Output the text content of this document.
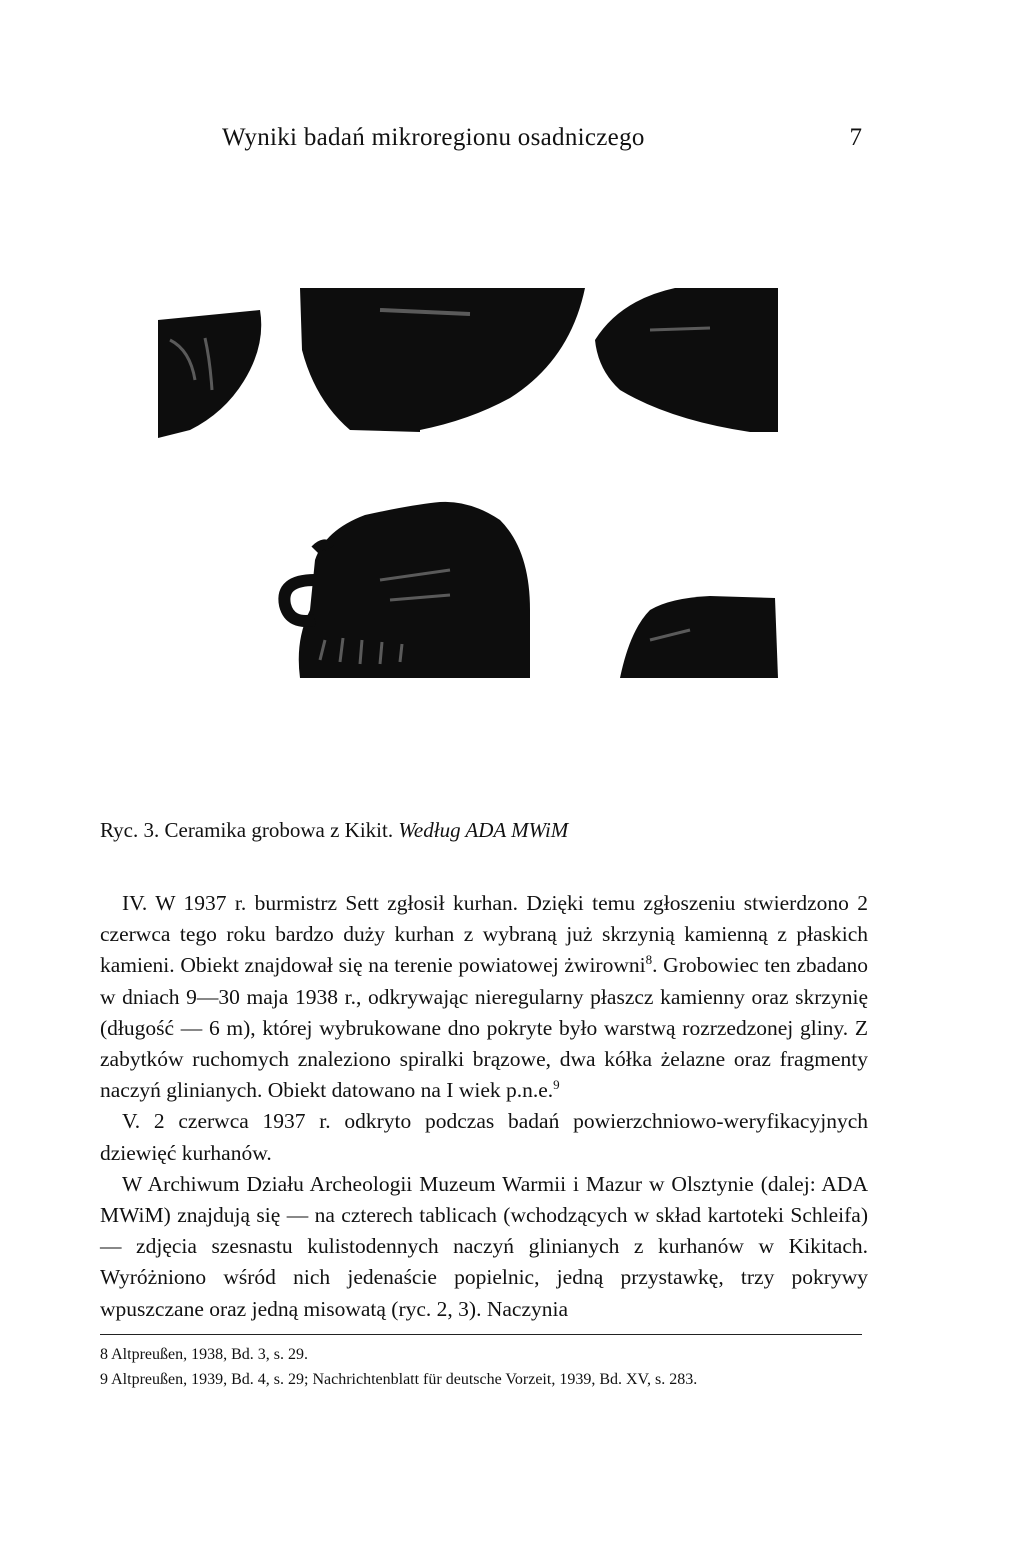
Wyniki badań mikroregionu osadniczego	7
Ryc. 3. Ceramika grobowa z Kikit. Według ADA MWiM

IV. W 1937 r. burmistrz Sett zgłosił kurhan. Dzięki temu zgłoszeniu stwierdzono 2 czerwca tego roku bardzo duży kurhan z wybraną już skrzynią kamienną z płaskich kamieni. Obiekt znajdował się na terenie powiatowej żwirowni$^8$. Grobowiec ten zbadano w dniach 9—30 maja 1938 r., odkrywając nieregularny płaszcz kamienny oraz skrzynię (długość — 6 m), której wybrukowane dno pokryte było warstwą rozrzedzonej gliny. Z zabytków ruchomych znaleziono spiralki brązowe, dwa kółka żelazne oraz fragmenty naczyń glinianych. Obiekt datowano na I wiek p.n.e.$^9$

V. 2 czerwca 1937 r. odkryto podczas badań powierzchniowo-weryfikacyjnych dziewięć kurhanów.

W Archiwum Działu Archeologii Muzeum Warmii i Mazur w Olsztynie (dalej: ADA MWiM) znajdują się — na czterech tablicach (wchodzących w skład kartoteki Schleifa) — zdjęcia szesnastu kulistodennych naczyń glinianych z kurhanów w Kikitach. Wyróżniono wśród nich jedenaście popielnic, jedną przystawkę, trzy pokrywy wpuszczane oraz jedną misowatą (ryc. 2, 3). Naczynia

8 Altpreußen, 1938, Bd. 3, s. 29.
9 Altpreußen, 1939, Bd. 4, s. 29; Nachrichtenblatt für deutsche Vorzeit, 1939, Bd. XV, s. 283.
